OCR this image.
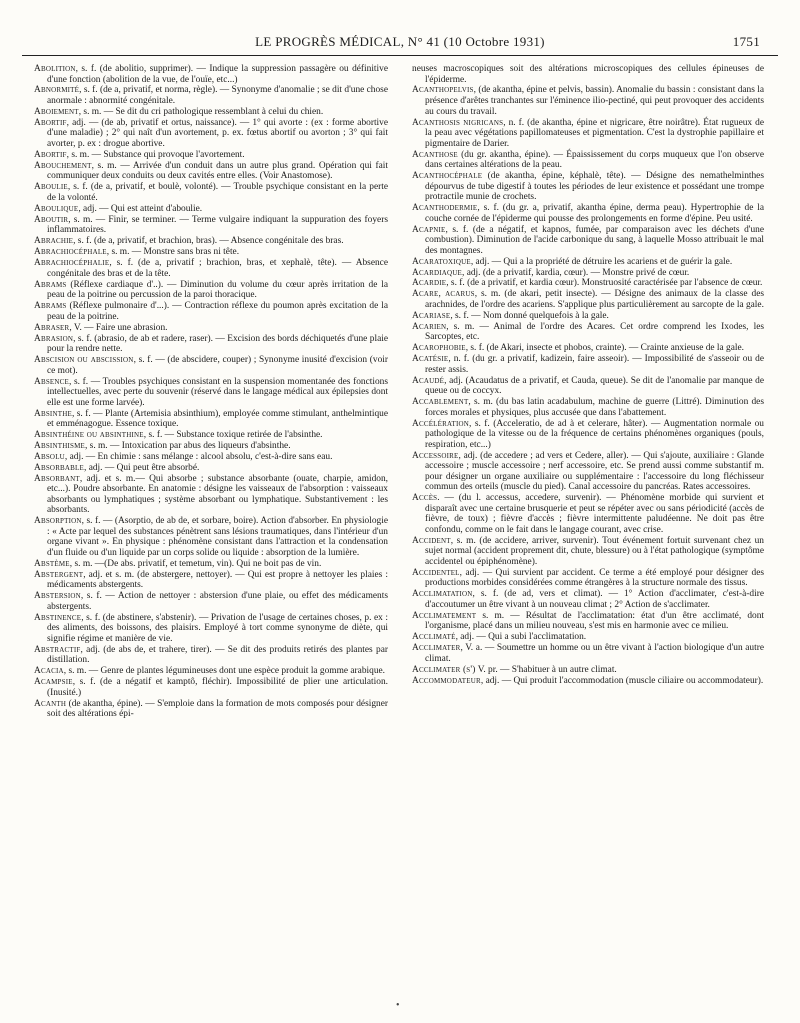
LE PROGRÈS MÉDICAL, N° 41 (10 Octobre 1931)	1751

Abolition, s. f. (de abolitio, supprimer). — Indique la suppression passagère ou définitive d'une fonction (abolition de la vue, de l'ouïe, etc...)

Abnormité, s. f. (de a, privatif, et norma, règle). — Synonyme d'anomalie ; se dit d'une chose anormale : abnormité congénitale.

Aboiement, s. m. — Se dit du cri pathologique ressemblant à celui du chien.

Abortif, adj. — (de ab, privatif et ortus, naissance). — 1° qui avorte : (ex : forme abortive d'une maladie) ; 2° qui naît d'un avortement, p. ex. fœtus abortif ou avorton ; 3° qui fait avorter, p. ex : drogue abortive.

Abortif, s. m. — Substance qui provoque l'avortement.

Abouchement, s. m. — Arrivée d'un conduit dans un autre plus grand. Opération qui fait communiquer deux conduits ou deux cavités entre elles. (Voir Anastomose).

Aboulie, s. f. (de a, privatif, et boulè, volonté). — Trouble psychique consistant en la perte de la volonté.

Aboulique, adj. — Qui est atteint d'aboulie.

Aboutir, s. m. — Finir, se terminer. — Terme vulgaire indiquant la suppuration des foyers inflammatoires.

Abrachie, s. f. (de a, privatif, et brachion, bras). — Absence congénitale des bras.

Abrachiocéphale, s. m. — Monstre sans bras ni tête.

Abrachiocéphalie, s. f. (de a, privatif ; brachion, bras, et xephalè, tête). — Absence congénitale des bras et de la tête.

Abrams (Réflexe cardiaque d'..). — Diminution du volume du cœur après irritation de la peau de la poitrine ou percussion de la paroi thoracique.

Abrams (Réflexe pulmonaire d'...). — Contraction réflexe du poumon après excitation de la peau de la poitrine.

Abraser, V. — Faire une abrasion.

Abrasion, s. f. (abrasio, de ab et radere, raser). — Excision des bords déchiquetés d'une plaie pour la rendre nette.

Abscision ou abscission, s. f. — (de abscidere, couper) ; Synonyme inusité d'excision (voir ce mot).

Absence, s. f. — Troubles psychiques consistant en la suspension momentanée des fonctions intellectuelles, avec perte du souvenir (réservé dans le langage médical aux épilepsies dont elle est une forme larvée).

Absinthe, s. f. — Plante (Artemisia absinthium), employée comme stimulant, anthelmintique et emménagogue. Essence toxique.

Absinthéine ou absinthine, s. f. — Substance toxique retirée de l'absinthe.

Absinthisme, s. m. — Intoxication par abus des liqueurs d'absinthe.

Absolu, adj. — En chimie : sans mélange : alcool absolu, c'est-à-dire sans eau.

Absorbable, adj. — Qui peut être absorbé.

Absorbant, adj. et s. m.— Qui absorbe ; substance absorbante (ouate, charpie, amidon, etc...). Poudre absorbante. En anatomie : désigne les vaisseaux de l'absorption : vaisseaux absorbants ou lymphatiques ; système absorbant ou lymphatique. Substantivement : les absorbants.

Absorption, s. f. — (Asorptio, de ab de, et sorbare, boire). Action d'absorber. En physiologie : « Acte par lequel des substances pénètrent sans lésions traumatiques, dans l'intérieur d'un organe vivant ». En physique : phénomène consistant dans l'attraction et la condensation d'un fluide ou d'un liquide par un corps solide ou liquide : absorption de la lumière.

Abstème, s. m. —(De abs. privatif, et temetum, vin). Qui ne boit pas de vin.

Abstergent, adj. et s. m. (de abstergere, nettoyer). — Qui est propre à nettoyer les plaies : médicaments abstergents.

Abstersion, s. f. — Action de nettoyer : abstersion d'une plaie, ou effet des médicaments abstergents.

Abstinence, s. f. (de abstinere, s'abstenir). — Privation de l'usage de certaines choses, p. ex : des aliments, des boissons, des plaisirs. Employé à tort comme synonyme de diète, qui signifie régime et manière de vie.

Abstractif, adj. (de abs de, et trahere, tirer). — Se dit des produits retirés des plantes par distillation.

Acacia, s. m. — Genre de plantes légumineuses dont une espèce produit la gomme arabique.

Acampsie, s. f. (de a négatif et kamptô, fléchir). Impossibilité de plier une articulation. (Inusité.)

Acanth (de akantha, épine). — S'emploie dans la formation de mots composés pour désigner soit des altérations épi-

neuses macroscopiques soit des altérations microscopiques des cellules épineuses de l'épiderme.

Acanthopelvis, (de akantha, épine et pelvis, bassin). Anomalie du bassin : consistant dans la présence d'arêtes tranchantes sur l'éminence ilio-pectiné, qui peut provoquer des accidents au cours du travail.

Acanthosis nigricans, n. f. (de akantha, épine et nigricare, être noirâtre). État rugueux de la peau avec végétations papillomateuses et pigmentation. C'est la dystrophie papillaire et pigmentaire de Darier.

Acanthose (du gr. akantha, épine). — Épaississement du corps muqueux que l'on observe dans certaines altérations de la peau.

Acanthocéphale (de akantha, épine, képhalè, tête). — Désigne des nemathelminthes dépourvus de tube digestif à toutes les périodes de leur existence et possédant une trompe protractile munie de crochets.

Acanthodermie, s. f. (du gr. a, privatif, akantha épine, derma peau). Hypertrophie de la couche cornée de l'épiderme qui pousse des prolongements en forme d'épine. Peu usité.

Acapnie, s. f. (de a négatif, et kapnos, fumée, par comparaison avec les déchets d'une combustion). Diminution de l'acide carbonique du sang, à laquelle Mosso attribuait le mal des montagnes.

Acaratoxique, adj. — Qui a la propriété de détruire les acariens et de guérir la gale.

Acardiaque, adj. (de a privatif, kardia, cœur). — Monstre privé de cœur.

Acardie, s. f. (de a privatif, et kardia cœur). Monstruosité caractérisée par l'absence de cœur.

Acare, acarus, s. m. (de akari, petit insecte). — Désigne des animaux de la classe des arachnides, de l'ordre des acariens. S'applique plus particulièrement au sarcopte de la gale.

Acariase, s. f. — Nom donné quelquefois à la gale.

Acarien, s. m. — Animal de l'ordre des Acares. Cet ordre comprend les Ixodes, les Sarcoptes, etc.

Acarophobie, s. f. (de Akari, insecte et phobos, crainte). — Crainte anxieuse de la gale.

Acatésie, n. f. (du gr. a privatif, kadizein, faire asseoir). — Impossibilité de s'asseoir ou de rester assis.

Acaudé, adj. (Acaudatus de a privatif, et Cauda, queue). Se dit de l'anomalie par manque de queue ou de coccyx.

Accablement, s. m. (du bas latin acadabulum, machine de guerre (Littré). Diminution des forces morales et physiques, plus accusée que dans l'abattement.

Accélération, s. f. (Acceleratio, de ad à et celerare, hâter). — Augmentation normale ou pathologique de la vitesse ou de la fréquence de certains phénomènes organiques (pouls, respiration, etc...)

Accessoire, adj. (de accedere ; ad vers et Cedere, aller). — Qui s'ajoute, auxiliaire : Glande accessoire ; muscle accessoire ; nerf accessoire, etc. Se prend aussi comme substantif m. pour désigner un organe auxiliaire ou supplémentaire : l'accessoire du long fléchisseur commun des orteils (muscle du pied). Canal accessoire du pancréas. Rates accessoires.

Accès. — (du l. accessus, accedere, survenir). — Phénomène morbide qui survient et disparaît avec une certaine brusquerie et peut se répéter avec ou sans périodicité (accès de fièvre, de toux) ; fièvre d'accès ; fièvre intermittente paludéenne. Ne doit pas être confondu, comme on le fait dans le langage courant, avec crise.

Accident, s. m. (de accidere, arriver, survenir). Tout événement fortuit survenant chez un sujet normal (accident proprement dit, chute, blessure) ou à l'état pathologique (symptôme accidentel ou épiphénomène).

Accidentel, adj. — Qui survient par accident. Ce terme a été employé pour désigner des productions morbides considérées comme étrangères à la structure normale des tissus.

Acclimatation, s. f. (de ad, vers et climat). — 1° Action d'acclimater, c'est-à-dire d'accoutumer un être vivant à un nouveau climat ; 2° Action de s'acclimater.

Acclimatement s. m. — Résultat de l'acclimatation: état d'un être acclimaté, dont l'organisme, placé dans un milieu nouveau, s'est mis en harmonie avec ce milieu.

Acclimaté, adj. — Qui a subi l'acclimatation.

Acclimater, V. a. — Soumettre un homme ou un être vivant à l'action biologique d'un autre climat.

Acclimater (s') V. pr. — S'habituer à un autre climat.

Accommodateur, adj. — Qui produit l'accommodation (muscle ciliaire ou accommodateur).

•
